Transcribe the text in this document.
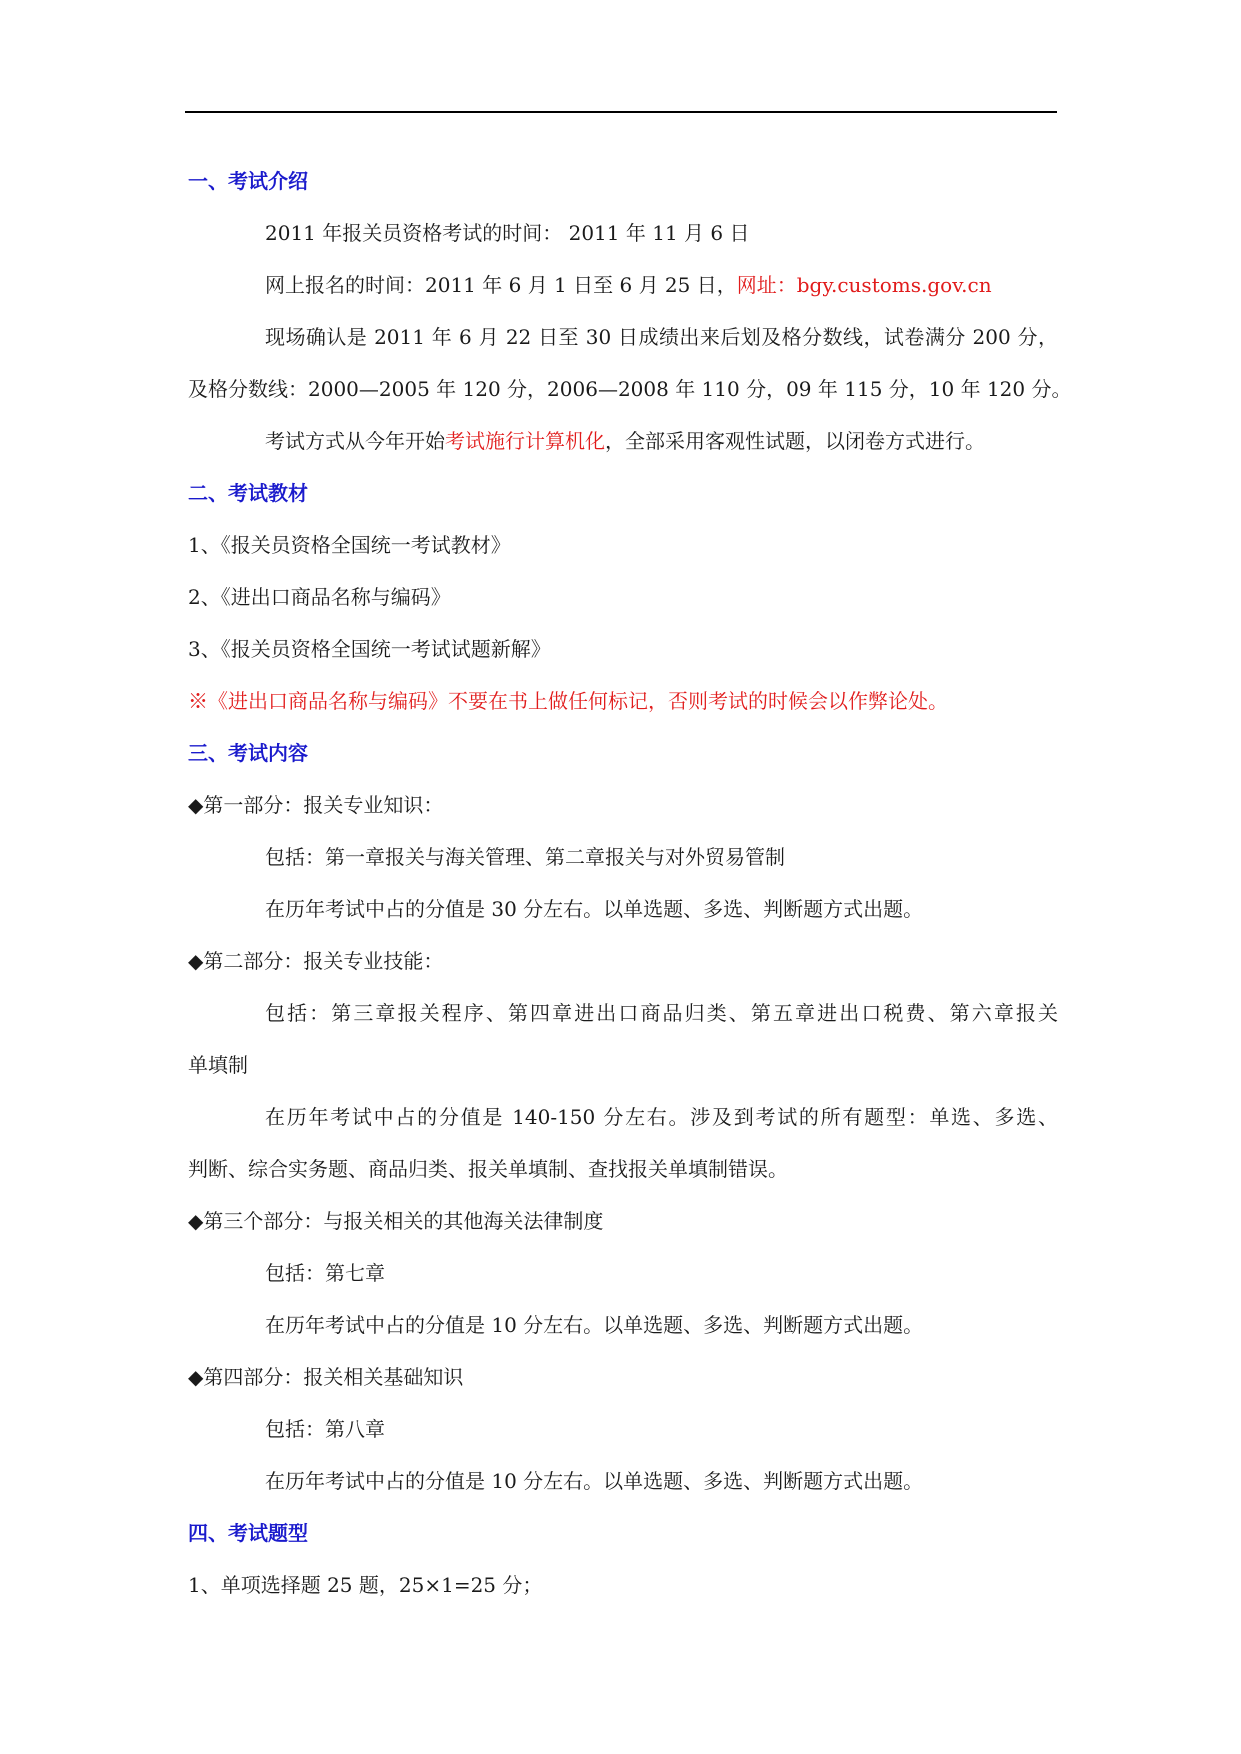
一、考试介绍
2011 年报关员资格考试的时间： 2011 年 11 月 6 日
网上报名的时间：2011 年 6 月 1 日至 6 月 25 日，网址：bgy.customs.gov.cn
现场确认是 2011 年 6 月 22 日至 30 日成绩出来后划及格分数线，试卷满分 200 分，
及格分数线：2000—2005 年 120 分，2006—2008 年 110 分，09 年 115 分，10 年 120 分。
考试方式从今年开始考试施行计算机化，全部采用客观性试题，以闭卷方式进行。
二、考试教材
1、《报关员资格全国统一考试教材》
2、《进出口商品名称与编码》
3、《报关员资格全国统一考试试题新解》
※《进出口商品名称与编码》不要在书上做任何标记，否则考试的时候会以作弊论处。
三、考试内容
◆第一部分：报关专业知识：
包括：第一章报关与海关管理、第二章报关与对外贸易管制
在历年考试中占的分值是 30 分左右。以单选题、多选、判断题方式出题。
◆第二部分：报关专业技能：
包括：第三章报关程序、第四章进出口商品归类、第五章进出口税费、第六章报关
单填制
在历年考试中占的分值是 140-150 分左右。涉及到考试的所有题型：单选、多选、
判断、综合实务题、商品归类、报关单填制、查找报关单填制错误。
◆第三个部分：与报关相关的其他海关法律制度
包括：第七章
在历年考试中占的分值是 10 分左右。以单选题、多选、判断题方式出题。
◆第四部分：报关相关基础知识
包括：第八章
在历年考试中占的分值是 10 分左右。以单选题、多选、判断题方式出题。
四、考试题型
1、单项选择题 25 题，25×1=25 分；
